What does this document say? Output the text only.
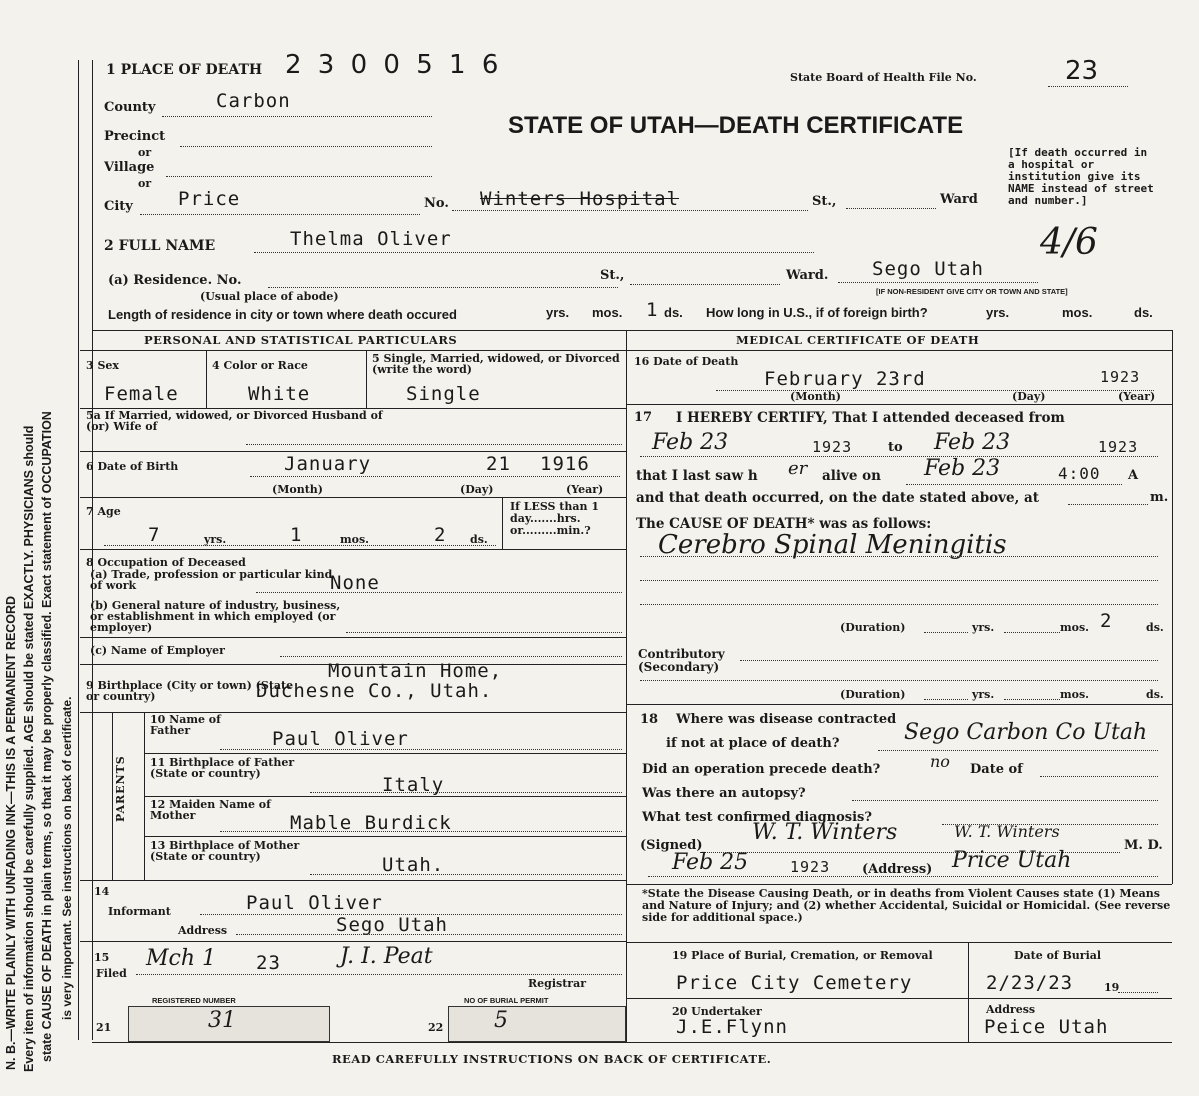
N. B.—WRITE PLAINLY WITH UNFADING INK—THIS IS A PERMANENT RECORD Every item of information should be carefully supplied. AGE should be stated EXACTLY. PHYSICIANS should state CAUSE OF DEATH in plain terms, so that it may be properly classified. Exact statement of OCCUPATION is very important. See instructions on back of certificate.
1 PLACE OF DEATH 2 3 0 0 5 1 6	State Board of Health File No.	23
County	Carbon
STATE OF UTAH—DEATH CERTIFICATE
Precinct
or
Village
or
City Price	No. Winters Hospital	St.,	Ward
[If death occurred in a hospital or institution give its NAME instead of street and number.]
4/6
2 FULL NAME	Thelma Oliver
(a) Residence. No.
(Usual place of abode)
St.,	Ward. Sego Utah
[IF NON-RESIDENT GIVE CITY OR TOWN AND STATE]
Length of residence in city or town where death occured	yrs. mos. 1 ds. How long in U.S., if of foreign birth?	yrs.	mos.	ds.
PERSONAL AND STATISTICAL PARTICULARS
3 Sex
Female
4 Color or Race
White
5 Single, Married, widowed, or Divorced (write the word)
Single
5a If Married, widowed, or Divorced Husband of (or) Wife of
6 Date of Birth	January	21 1916
(Month)	(Day)	(Year)
7 Age
7	yrs.	1	mos.	2 ds.
If LESS than 1 day.......hrs. or.........min.?
8 Occupation of Deceased
(a) Trade, profession or particular kind of work	None
(b) General nature of industry, business, or establishment in which employed (or employer)
(c) Name of Employer
9 Birthplace (City or town) (State or country)
Mountain Home,
Duchesne Co., Utah.
PARENTS
10 Name of Father	Paul Oliver
11 Birthplace of Father (State or country)
Italy
12 Maiden Name of Mother	Mable Burdick
13 Birthplace of Mother (State or country)	Utah.
14
Informant	Paul Oliver
Address	Sego Utah
15
Filed
Mch 1 23	J. I. Peat
Registrar
REGISTERED NUMBER
21	31
NO OF BURIAL PERMIT
22 5
MEDICAL CERTIFICATE OF DEATH
16 Date of Death
February 23rd	1923
(Month)	(Day)	(Year)
17 I HEREBY CERTIFY, That I attended deceased from
Feb 23	1923	to Feb 23	1923
that I last saw h er alive on Feb 23	4:00 A
and that death occurred, on the date stated above, at	m.
The CAUSE OF DEATH* was as follows:
Cerebro Spinal Meningitis
(Duration)	yrs.	mos. 2	ds.
Contributory (Secondary)
(Duration)	yrs.	mos.	ds.
18 Where was disease contracted
if not at place of death?	Sego Carbon Co Utah
Did an operation precede death?	no Date of
Was there an autopsy?
What test confirmed diagnosis?
(Signed)
W. T. Winters	W. T. Winters
M. D.
Feb 25	1923 (Address) Price Utah
*State the Disease Causing Death, or in deaths from Violent Causes state (1) Means and Nature of Injury; and (2) whether Accidental, Suicidal or Homicidal. (See reverse side for additional space.)
19 Place of Burial, Cremation, or Removal
Price City Cemetery
Date of Burial
2/23/23	19
20 Undertaker
J.E.Flynn
Address
Peice Utah
READ CAREFULLY INSTRUCTIONS ON BACK OF CERTIFICATE.
